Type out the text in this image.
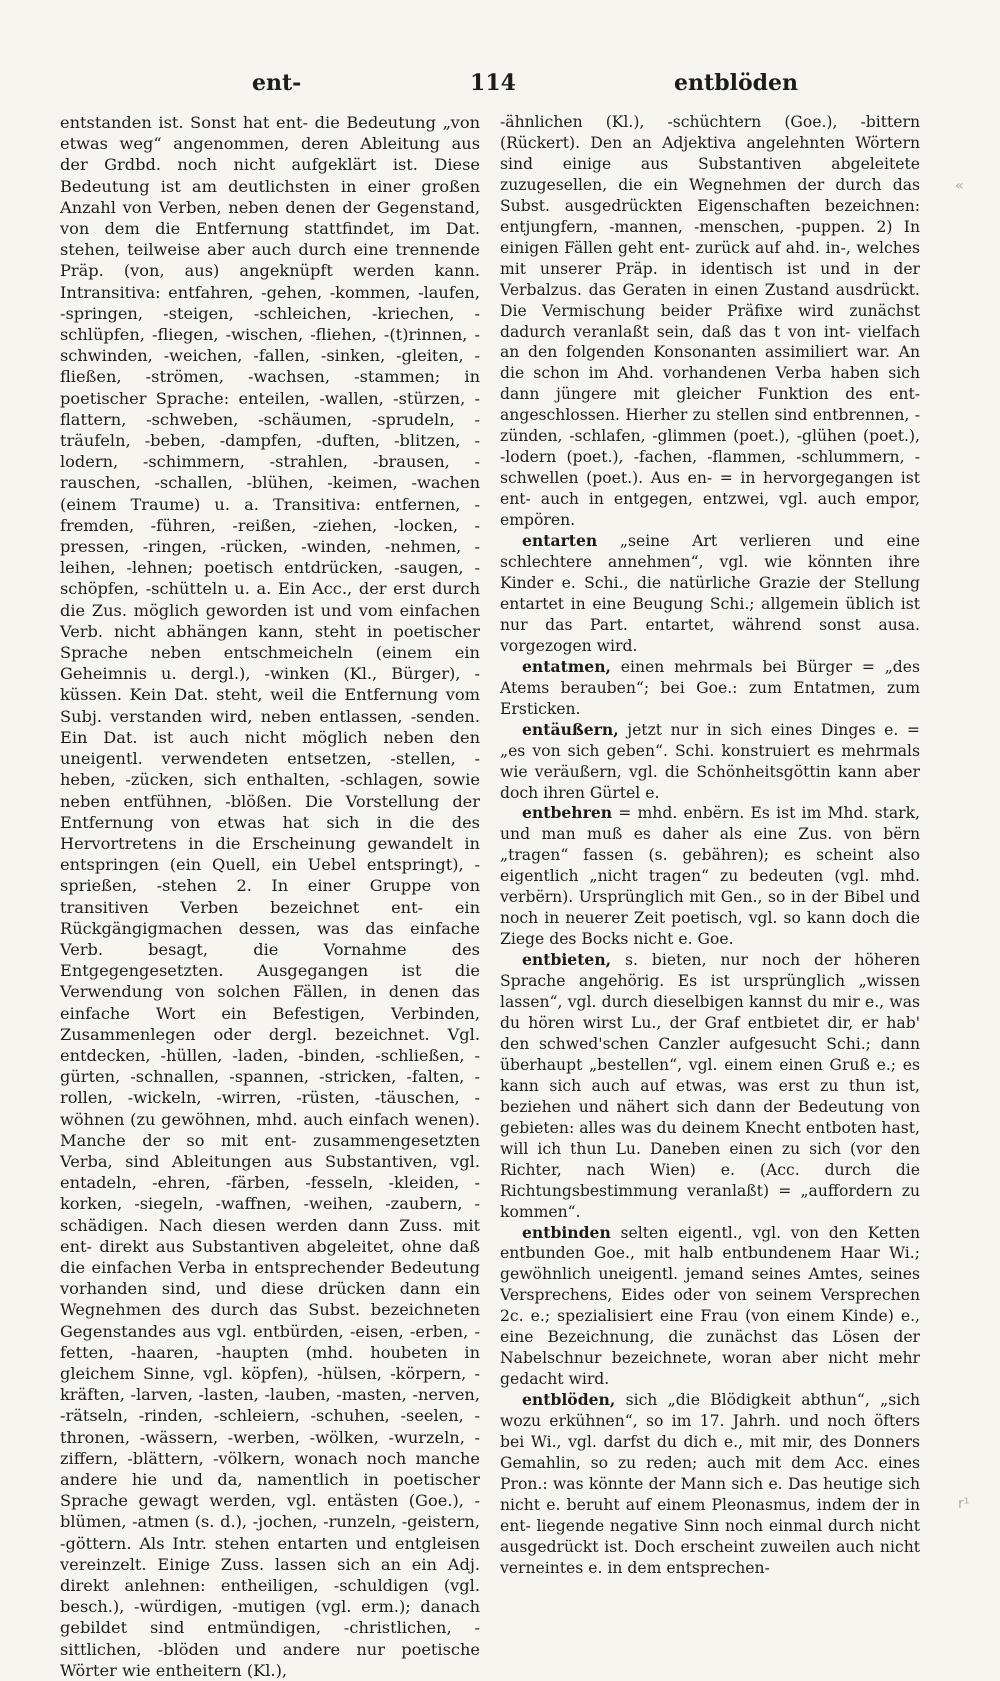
ent-	114	entblöden

entstanden ist. Sonst hat ent- die Bedeutung „von etwas weg“ angenommen, deren Ableitung aus der Grdbd. noch nicht aufgeklärt ist. Diese Bedeutung ist am deutlichsten in einer großen Anzahl von Verben, neben denen der Gegenstand, von dem die Entfernung stattfindet, im Dat. stehen, teilweise aber auch durch eine trennende Präp. (von, aus) angeknüpft werden kann. Intransitiva: entfahren, -gehen, -kommen, -laufen, -springen, -steigen, -schleichen, -kriechen, -schlüpfen, -fliegen, -wischen, -fliehen, -(t)rinnen, -schwinden, -weichen, -fallen, -sinken, -gleiten, -fließen, -strömen, -wachsen, -stammen; in poetischer Sprache: enteilen, -wallen, -stürzen, -flattern, -schweben, -schäumen, -sprudeln, -träufeln, -beben, -dampfen, -duften, -blitzen, -lodern, -schimmern, -strahlen, -brausen, -rauschen, -schallen, -blühen, -keimen, -wachen (einem Traume) u. a. Transitiva: entfernen, -fremden, -führen, -reißen, -ziehen, -locken, -pressen, -ringen, -rücken, -winden, -nehmen, -leihen, -lehnen; poetisch entdrücken, -saugen, -schöpfen, -schütteln u. a. Ein Acc., der erst durch die Zus. möglich geworden ist und vom einfachen Verb. nicht abhängen kann, steht in poetischer Sprache neben entschmeicheln (einem ein Geheimnis u. dergl.), -winken (Kl., Bürger), -küssen. Kein Dat. steht, weil die Entfernung vom Subj. verstanden wird, neben entlassen, -senden. Ein Dat. ist auch nicht möglich neben den uneigentl. verwendeten entsetzen, -stellen, -heben, -zücken, sich enthalten, -schlagen, sowie neben entfühnen, -blößen. Die Vorstellung der Entfernung von etwas hat sich in die des Hervortretens in die Erscheinung gewandelt in entspringen (ein Quell, ein Uebel entspringt), -sprießen, -stehen 2. In einer Gruppe von transitiven Verben bezeichnet ent- ein Rückgängigmachen dessen, was das einfache Verb. besagt, die Vornahme des Entgegengesetzten. Ausgegangen ist die Verwendung von solchen Fällen, in denen das einfache Wort ein Befestigen, Verbinden, Zusammenlegen oder dergl. bezeichnet. Vgl. entdecken, -hüllen, -laden, -binden, -schließen, -gürten, -schnallen, -spannen, -stricken, -falten, -rollen, -wickeln, -wirren, -rüsten, -täuschen, -wöhnen (zu gewöhnen, mhd. auch einfach wenen). Manche der so mit ent- zusammengesetzten Verba, sind Ableitungen aus Substantiven, vgl. entadeln, -ehren, -färben, -fesseln, -kleiden, -korken, -siegeln, -waffnen, -weihen, -zaubern, -schädigen. Nach diesen werden dann Zuss. mit ent- direkt aus Substantiven abgeleitet, ohne daß die einfachen Verba in entsprechender Bedeutung vorhanden sind, und diese drücken dann ein Wegnehmen des durch das Subst. bezeichneten Gegenstandes aus vgl. entbürden, -eisen, -erben, -fetten, -haaren, -haupten (mhd. houbeten in gleichem Sinne, vgl. köpfen), -hülsen, -körpern, -kräften, -larven, -lasten, -lauben, -masten, -nerven, -rätseln, -rinden, -schleiern, -schuhen, -seelen, -thronen, -wässern, -werben, -wölken, -wurzeln, -ziffern, -blättern, -völkern, wonach noch manche andere hie und da, namentlich in poetischer Sprache gewagt werden, vgl. entästen (Goe.), -blümen, -atmen (s. d.), -jochen, -runzeln, -geistern, -göttern. Als Intr. stehen entarten und entgleisen vereinzelt. Einige Zuss. lassen sich an ein Adj. direkt anlehnen: entheiligen, -schuldigen (vgl. besch.), -würdigen, -mutigen (vgl. erm.); danach gebildet sind entmündigen, -christlichen, -sittlichen, -blöden und andere nur poetische Wörter wie entheitern (Kl.),

-ähnlichen (Kl.), -schüchtern (Goe.), -bittern (Rückert). Den an Adjektiva angelehnten Wörtern sind einige aus Substantiven abgeleitete zuzugesellen, die ein Wegnehmen der durch das Subst. ausgedrückten Eigenschaften bezeichnen: entjungfern, -mannen, -menschen, -puppen. 2) In einigen Fällen geht ent- zurück auf ahd. in-, welches mit unserer Präp. in identisch ist und in der Verbalzus. das Geraten in einen Zustand ausdrückt. Die Vermischung beider Präfixe wird zunächst dadurch veranlaßt sein, daß das t von int- vielfach an den folgenden Konsonanten assimiliert war. An die schon im Ahd. vorhandenen Verba haben sich dann jüngere mit gleicher Funktion des ent- angeschlossen. Hierher zu stellen sind entbrennen, -zünden, -schlafen, -glimmen (poet.), -glühen (poet.), -lodern (poet.), -fachen, -flammen, -schlummern, -schwellen (poet.). Aus en- = in hervorgegangen ist ent- auch in entgegen, entzwei, vgl. auch empor, empören.

entarten „seine Art verlieren und eine schlechtere annehmen“, vgl. wie könnten ihre Kinder e. Schi., die natürliche Grazie der Stellung entartet in eine Beugung Schi.; allgemein üblich ist nur das Part. entartet, während sonst ausa. vorgezogen wird.

entatmen, einen mehrmals bei Bürger = „des Atems berauben“; bei Goe.: zum Entatmen, zum Ersticken.

entäußern, jetzt nur in sich eines Dinges e. = „es von sich geben“. Schi. konstruiert es mehrmals wie veräußern, vgl. die Schönheitsgöttin kann aber doch ihren Gürtel e.

entbehren = mhd. enbërn. Es ist im Mhd. stark, und man muß es daher als eine Zus. von bërn „tragen“ fassen (s. gebähren); es scheint also eigentlich „nicht tragen“ zu bedeuten (vgl. mhd. verbërn). Ursprünglich mit Gen., so in der Bibel und noch in neuerer Zeit poetisch, vgl. so kann doch die Ziege des Bocks nicht e. Goe.

entbieten, s. bieten, nur noch der höheren Sprache angehörig. Es ist ursprünglich „wissen lassen“, vgl. durch dieselbigen kannst du mir e., was du hören wirst Lu., der Graf entbietet dir, er hab' den schwed'schen Canzler aufgesucht Schi.; dann überhaupt „bestellen“, vgl. einem einen Gruß e.; es kann sich auch auf etwas, was erst zu thun ist, beziehen und nähert sich dann der Bedeutung von gebieten: alles was du deinem Knecht entboten hast, will ich thun Lu. Daneben einen zu sich (vor den Richter, nach Wien) e. (Acc. durch die Richtungsbestimmung veranlaßt) = „auffordern zu kommen“.

entbinden selten eigentl., vgl. von den Ketten entbunden Goe., mit halb entbundenem Haar Wi.; gewöhnlich uneigentl. jemand seines Amtes, seines Versprechens, Eides oder von seinem Versprechen 2c. e.; spezialisiert eine Frau (von einem Kinde) e., eine Bezeichnung, die zunächst das Lösen der Nabelschnur bezeichnete, woran aber nicht mehr gedacht wird.

entblöden, sich „die Blödigkeit abthun“, „sich wozu erkühnen“, so im 17. Jahrh. und noch öfters bei Wi., vgl. darfst du dich e., mit mir, des Donners Gemahlin, so zu reden; auch mit dem Acc. eines Pron.: was könnte der Mann sich e. Das heutige sich nicht e. beruht auf einem Pleonasmus, indem der in ent- liegende negative Sinn noch einmal durch nicht ausgedrückt ist. Doch erscheint zuweilen auch nicht verneintes e. in dem entsprechen-

«
r¹
